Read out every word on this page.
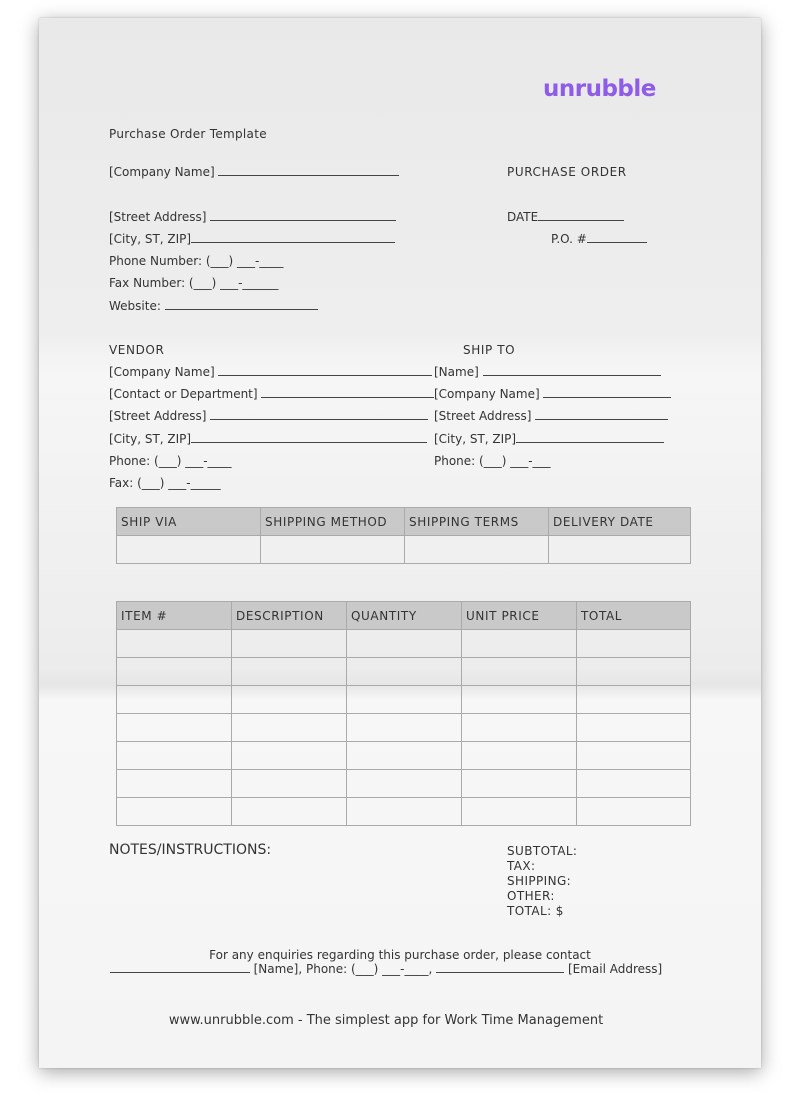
unrubble
Purchase Order Template
[Company Name]	PURCHASE ORDER
[Street Address]	DATE
[City, ST, ZIP]	P.O. #
Phone Number: (___) ___-____
Fax Number: (___) ___-______
Website:
VENDOR	SHIP TO
[Company Name]
[Contact or Department]
[Street Address]
[City, ST, ZIP]
Phone: (___) ___-____
Fax: (___) ___-_____
[Name]
[Company Name]
[Street Address]
[City, ST, ZIP]
Phone: (___) ___-___
SHIP VIA	SHIPPING METHOD	SHIPPING TERMS	DELIVERY DATE

ITEM #	DESCRIPTION	QUANTITY	UNIT PRICE	TOTAL

NOTES/INSTRUCTIONS:	SUBTOTAL:
TAX:
SHIPPING:
OTHER:
TOTAL: $
For any enquiries regarding this purchase order, please contact
[Name], Phone: (___) ___-____,	[Email Address]
www.unrubble.com - The simplest app for Work Time Management
